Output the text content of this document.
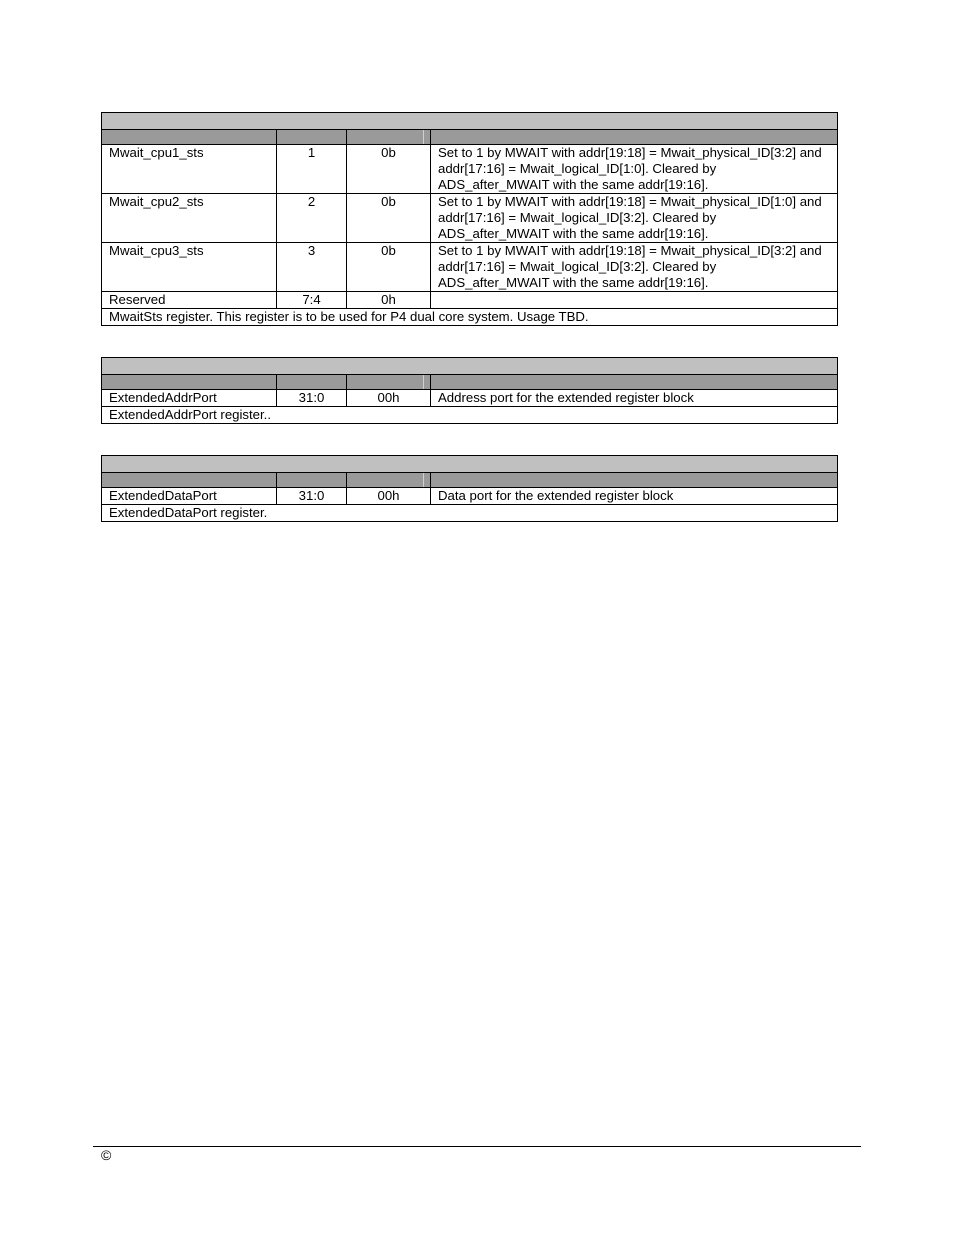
Mwait_cpu1_sts	1	0b	Set to 1 by MWAIT with addr[19:18] = Mwait_physical_ID[3:2] and addr[17:16] = Mwait_logical_ID[1:0]. Cleared by ADS_after_MWAIT with the same addr[19:16].
Mwait_cpu2_sts	2	0b	Set to 1 by MWAIT with addr[19:18] = Mwait_physical_ID[1:0] and addr[17:16] = Mwait_logical_ID[3:2]. Cleared by ADS_after_MWAIT with the same addr[19:16].
Mwait_cpu3_sts	3	0b	Set to 1 by MWAIT with addr[19:18] = Mwait_physical_ID[3:2] and addr[17:16] = Mwait_logical_ID[3:2]. Cleared by ADS_after_MWAIT with the same addr[19:16].
Reserved	7:4	0h	
MwaitSts register. This register is to be used for P4 dual core system. Usage TBD.			

ExtendedAddrPort	31:0	00h	Address port for the extended register block
ExtendedAddrPort register..			

ExtendedDataPort	31:0	00h	Data port for the extended register block
ExtendedDataPort register.			
©
